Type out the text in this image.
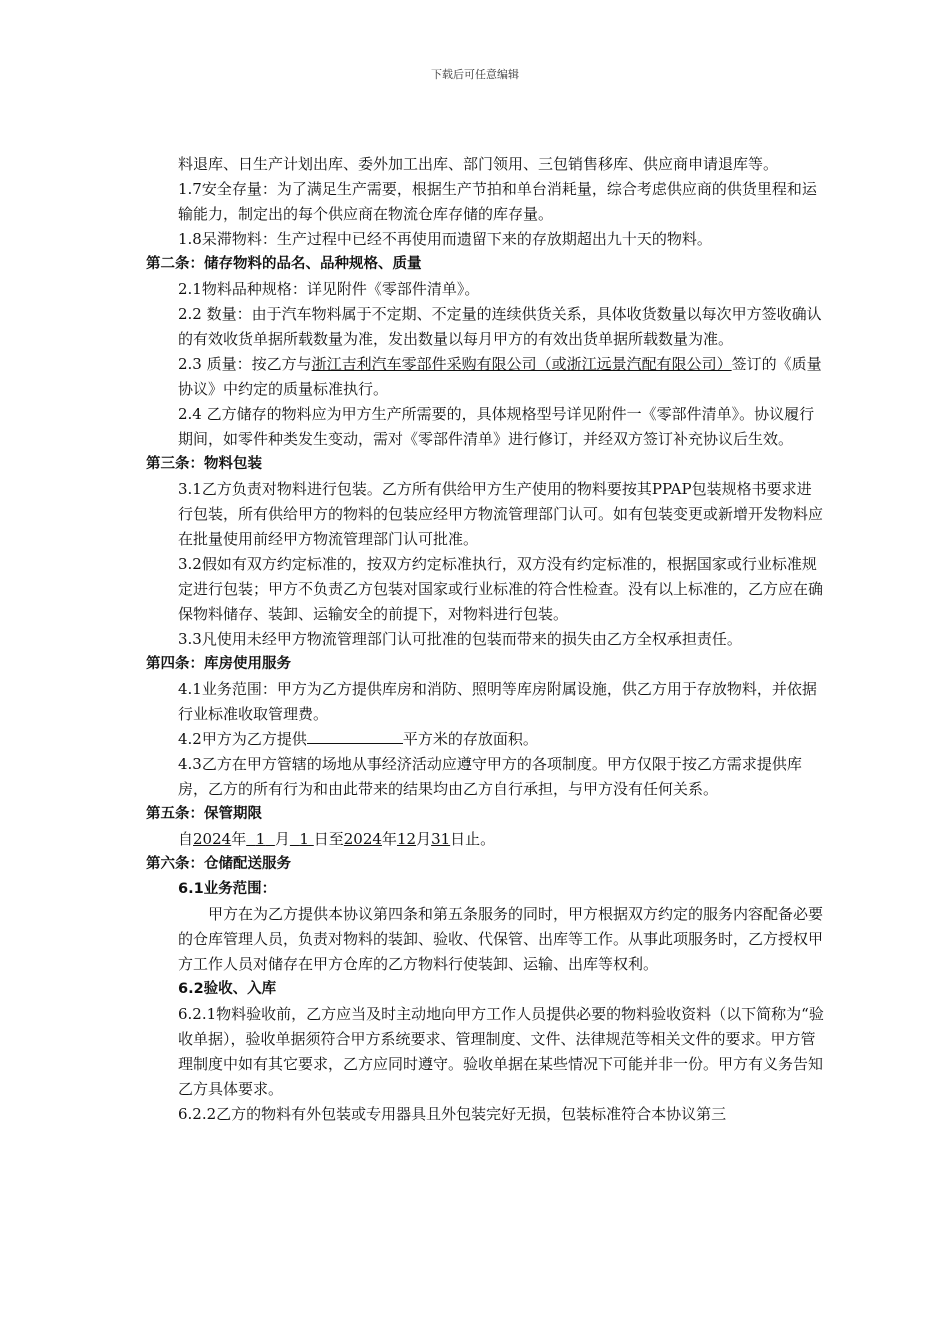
下载后可任意编辑

料退库、日生产计划出库、委外加工出库、部门领用、三包销售移库、供应商申请退库等。

1.7安全存量：为了满足生产需要，根据生产节拍和单台消耗量，综合考虑供应商的供货里程和运输能力，制定出的每个供应商在物流仓库存储的库存量。

1.8呆滞物料：生产过程中已经不再使用而遗留下来的存放期超出九十天的物料。

第二条：储存物料的品名、品种规格、质量

2.1物料品种规格：详见附件《零部件清单》。

2.2 数量：由于汽车物料属于不定期、不定量的连续供货关系，具体收货数量以每次甲方签收确认的有效收货单据所载数量为准，发出数量以每月甲方的有效出货单据所载数量为准。

2.3 质量：按乙方与浙江吉利汽车零部件采购有限公司（或浙江远景汽配有限公司）签订的《质量协议》中约定的质量标准执行。

2.4 乙方储存的物料应为甲方生产所需要的，具体规格型号详见附件一《零部件清单》。协议履行期间，如零件种类发生变动，需对《零部件清单》进行修订，并经双方签订补充协议后生效。

第三条：物料包装

3.1乙方负责对物料进行包装。乙方所有供给甲方生产使用的物料要按其PPAP包装规格书要求进行包装，所有供给甲方的物料的包装应经甲方物流管理部门认可。如有包装变更或新增开发物料应在批量使用前经甲方物流管理部门认可批准。

3.2假如有双方约定标准的，按双方约定标准执行，双方没有约定标准的，根据国家或行业标准规定进行包装；甲方不负责乙方包装对国家或行业标准的符合性检查。没有以上标准的，乙方应在确保物料储存、装卸、运输安全的前提下，对物料进行包装。

3.3凡使用未经甲方物流管理部门认可批准的包装而带来的损失由乙方全权承担责任。

第四条：库房使用服务

4.1业务范围：甲方为乙方提供库房和消防、照明等库房附属设施，供乙方用于存放物料，并依据行业标准收取管理费。

4.2甲方为乙方提供	平方米的存放面积。

4.3乙方在甲方管辖的场地从事经济活动应遵守甲方的各项制度。甲方仅限于按乙方需求提供库房，乙方的所有行为和由此带来的结果均由乙方自行承担，与甲方没有任何关系。

第五条：保管期限

自2024年 1 月 1 日至2024年12月31日止。

第六条：仓储配送服务

6.1业务范围：

甲方在为乙方提供本协议第四条和第五条服务的同时，甲方根据双方约定的服务内容配备必要的仓库管理人员，负责对物料的装卸、验收、代保管、出库等工作。从事此项服务时，乙方授权甲方工作人员对储存在甲方仓库的乙方物料行使装卸、运输、出库等权利。

6.2验收、入库

6.2.1物料验收前，乙方应当及时主动地向甲方工作人员提供必要的物料验收资料（以下简称为“验收单据），验收单据须符合甲方系统要求、管理制度、文件、法律规范等相关文件的要求。甲方管理制度中如有其它要求，乙方应同时遵守。验收单据在某些情况下可能并非一份。甲方有义务告知乙方具体要求。

6.2.2乙方的物料有外包装或专用器具且外包装完好无损，包装标准符合本协议第三
